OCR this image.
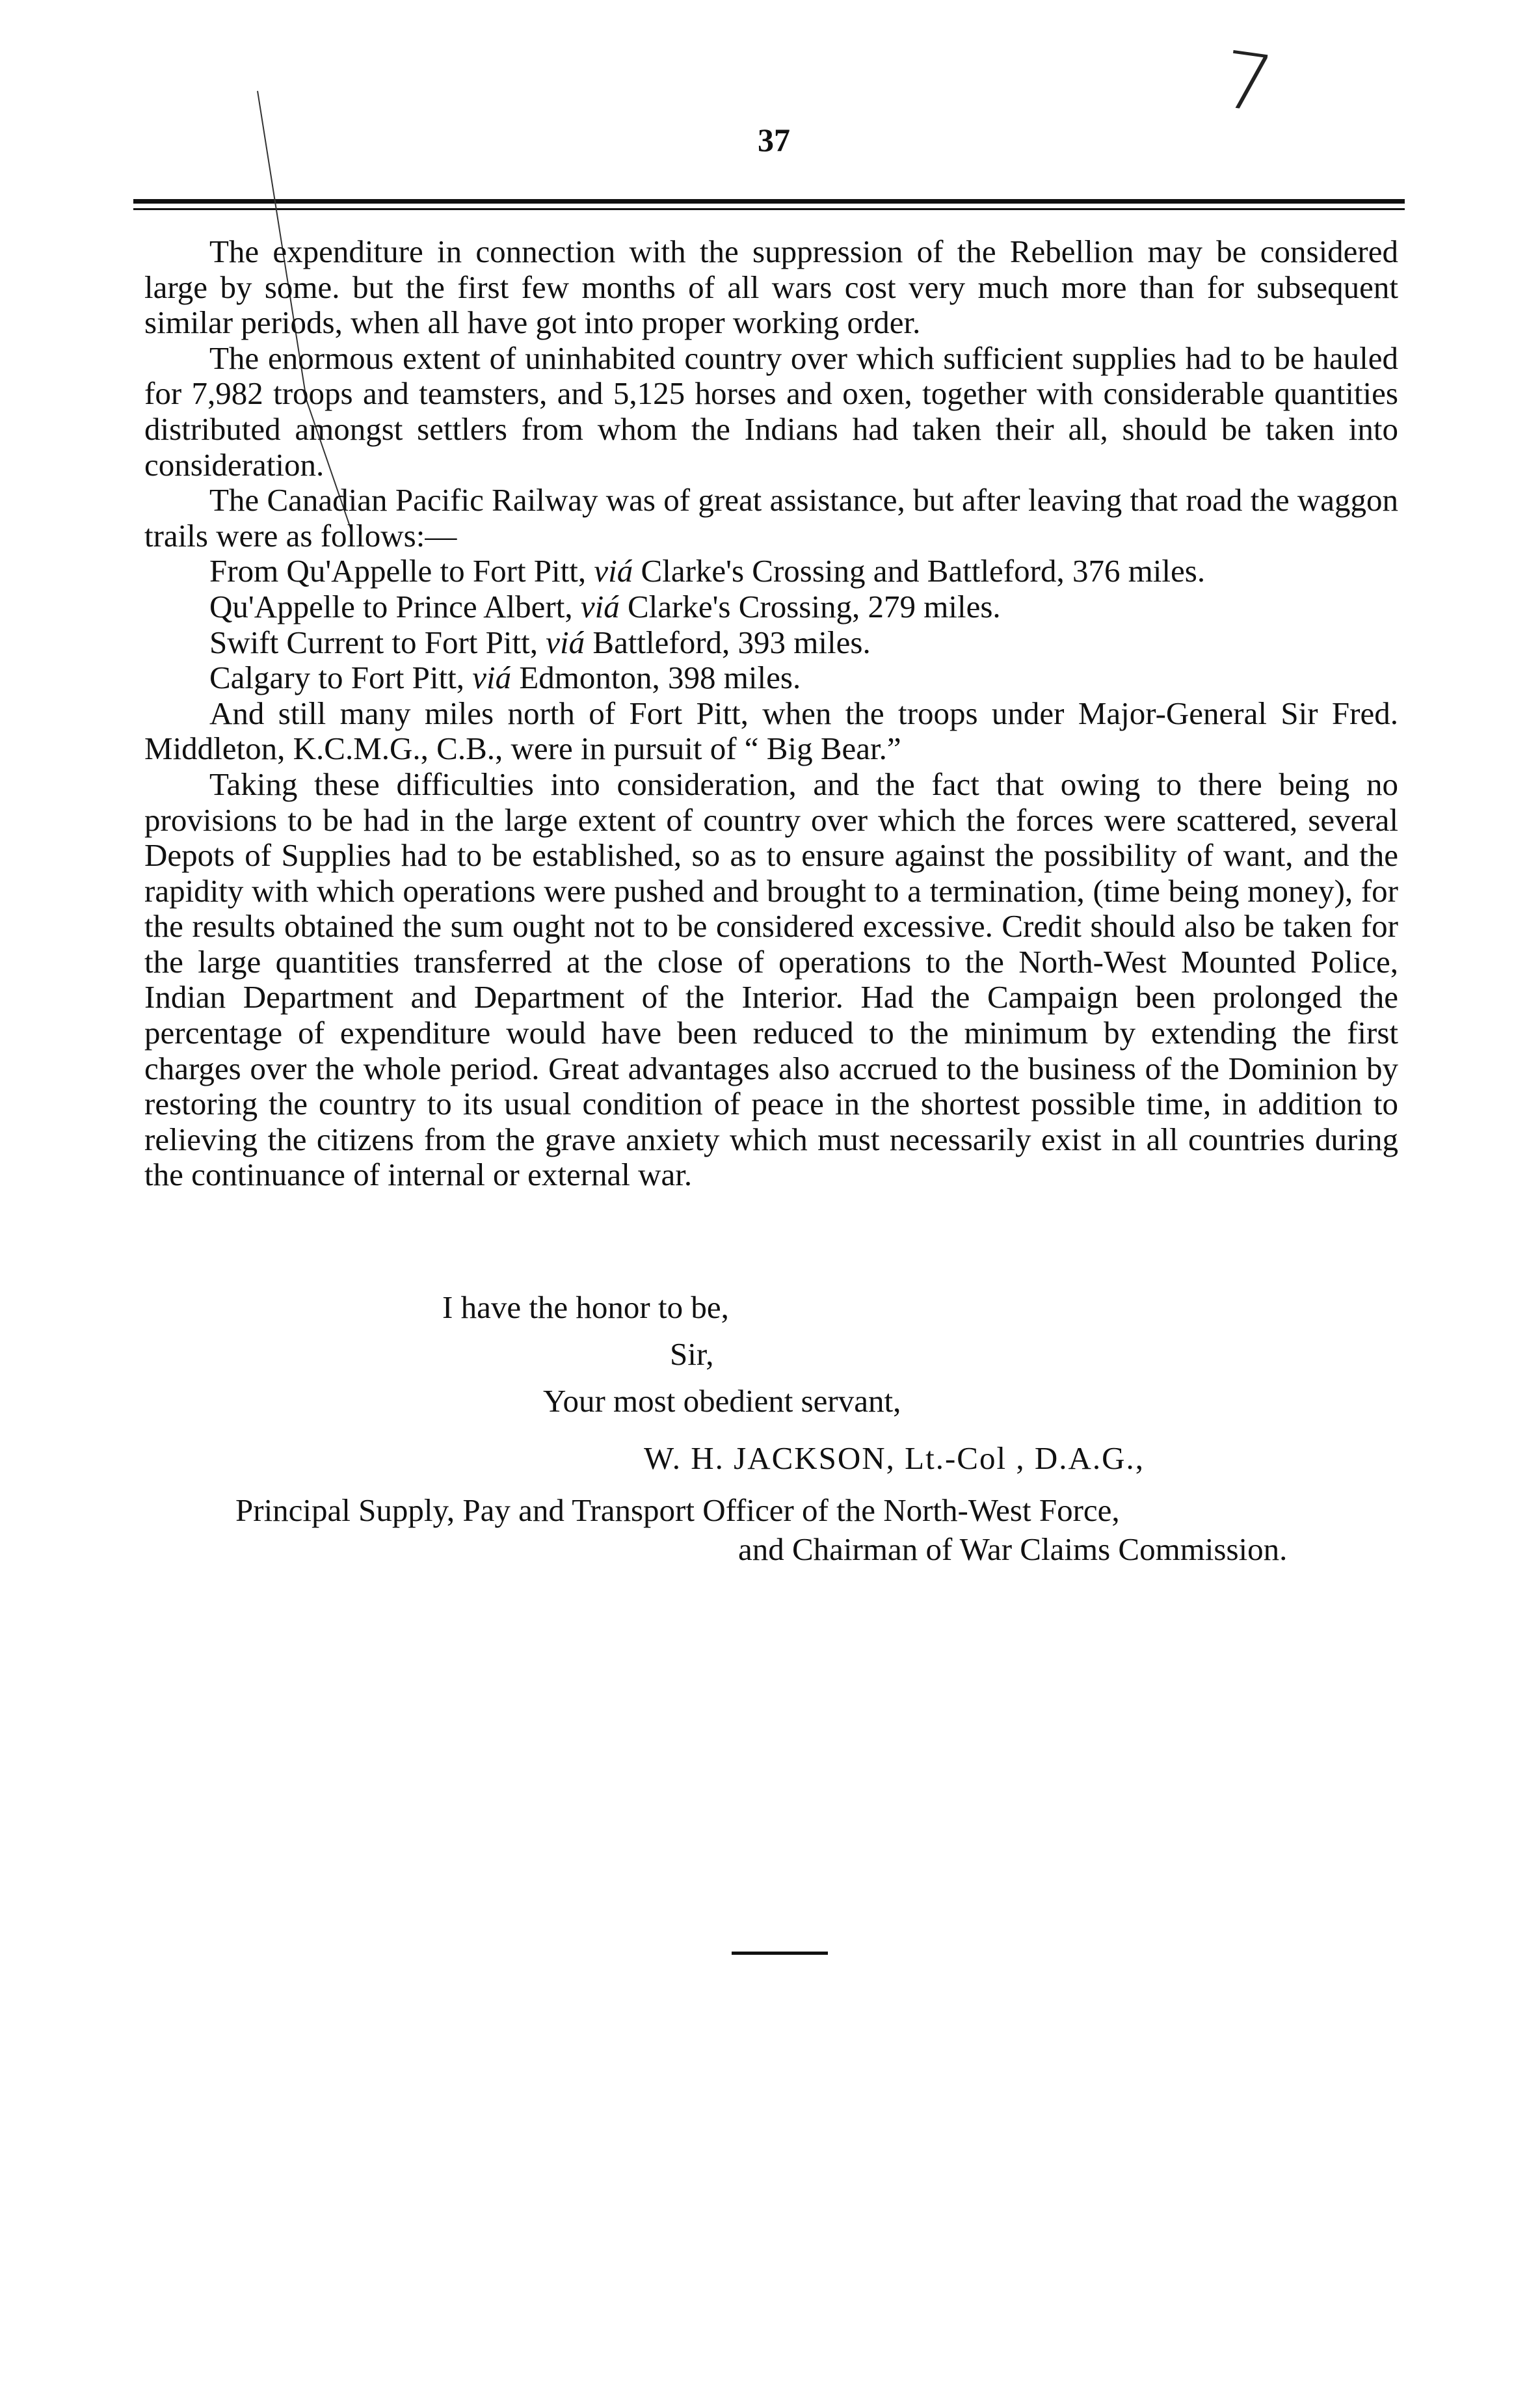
37
7

The expenditure in connection with the suppression of the Rebellion may be considered large by some. but the first few months of all wars cost very much more than for subsequent similar periods, when all have got into proper working order.

The enormous extent of uninhabited country over which sufficient supplies had to be hauled for 7,982 troops and teamsters, and 5,125 horses and oxen, together with considerable quantities distributed amongst settlers from whom the Indians had taken their all, should be taken into consideration.

The Canadian Pacific Railway was of great assistance, but after leaving that road the waggon trails were as follows:—

From Qu'Appelle to Fort Pitt, viá Clarke's Crossing and Battleford, 376 miles.
Qu'Appelle to Prince Albert, viá Clarke's Crossing, 279 miles.
Swift Current to Fort Pitt, viá Battleford, 393 miles.
Calgary to Fort Pitt, viá Edmonton, 398 miles.

And still many miles north of Fort Pitt, when the troops under Major-General Sir Fred. Middleton, K.C.M.G., C.B., were in pursuit of “ Big Bear.”

Taking these difficulties into consideration, and the fact that owing to there being no provisions to be had in the large extent of country over which the forces were scattered, several Depots of Supplies had to be established, so as to ensure against the possibility of want, and the rapidity with which operations were pushed and brought to a termination, (time being money), for the results obtained the sum ought not to be considered excessive. Credit should also be taken for the large quantities transferred at the close of operations to the North-West Mounted Police, Indian Department and Department of the Interior. Had the Campaign been prolonged the percentage of expenditure would have been reduced to the minimum by extending the first charges over the whole period. Great advantages also accrued to the business of the Dominion by restoring the country to its usual condition of peace in the shortest possible time, in addition to relieving the citizens from the grave anxiety which must necessarily exist in all countries during the continuance of internal or external war.

I have the honor to be,
Sir,
Your most obedient servant,
W. H. JACKSON, Lt.-Col , D.A.G.,
Principal Supply, Pay and Transport Officer of the North-West Force,
and Chairman of War Claims Commission.
